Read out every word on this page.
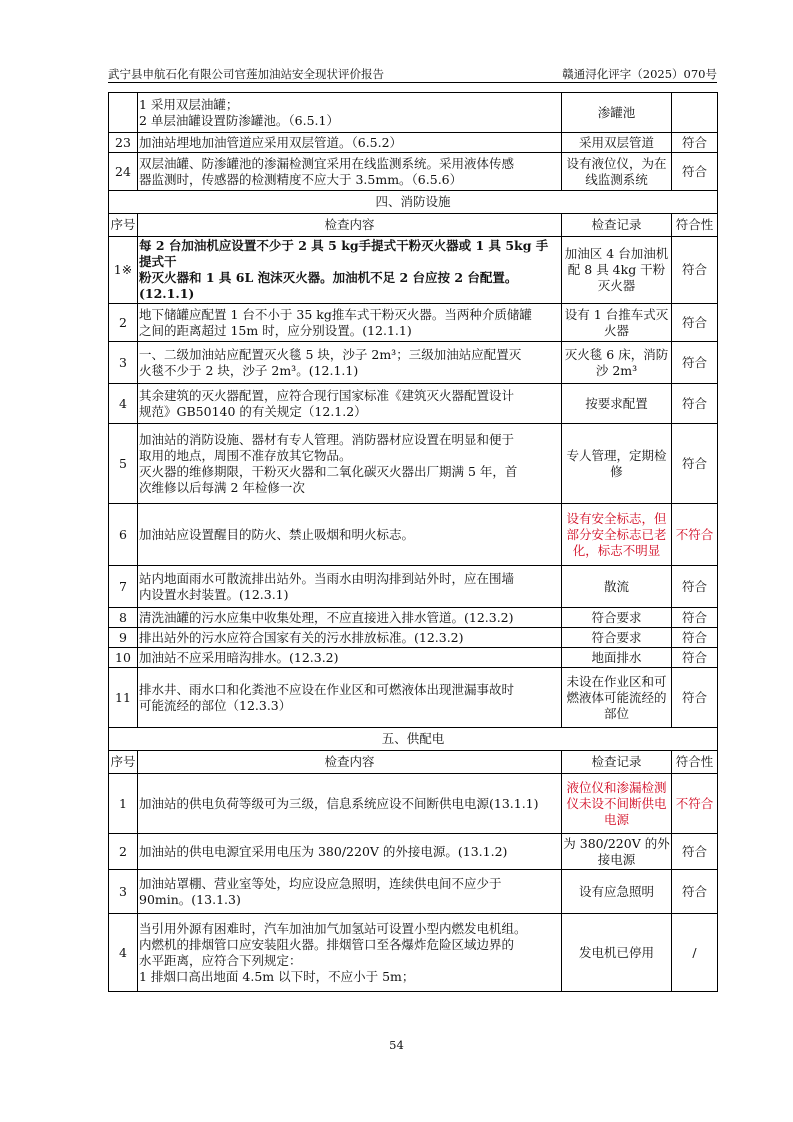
武宁县申航石化有限公司官莲加油站安全现状评价报告	赣通浔化评字（2025）070号

	1 采用双层油罐；
2 单层油罐设置防渗罐池。（6.5.1）	渗罐池	
23	加油站埋地加油管道应采用双层管道。（6.5.2）	采用双层管道	符合
24	双层油罐、防渗罐池的渗漏检测宜采用在线监测系统。采用液体传感
器监测时，传感器的检测精度不应大于 3.5mm。（6.5.6）	设有液位仪，为在线监测系统	符合
四、消防设施			
序号	检查内容	检查记录	符合性
1※	每 2 台加油机应设置不少于 2 具 5 kg手提式干粉灭火器或 1 具 5kg 手提式干
粉灭火器和 1 具 6L 泡沫灭火器。加油机不足 2 台应按 2 台配置。(12.1.1)	加油区 4 台加油机配 8 具 4kg 干粉灭火器	符合
2	地下储罐应配置 1 台不小于 35 kg推车式干粉灭火器。当两种介质储罐
之间的距离超过 15m 时，应分别设置。(12.1.1)	设有 1 台推车式灭火器	符合
3	一、二级加油站应配置灭火毯 5 块，沙子 2m³；三级加油站应配置灭
火毯不少于 2 块，沙子 2m³。(12.1.1)	灭火毯 6 床，消防沙 2m³	符合
4	其余建筑的灭火器配置，应符合现行国家标准《建筑灭火器配置设计
规范》GB50140 的有关规定（12.1.2）	按要求配置	符合
5	加油站的消防设施、器材有专人管理。消防器材应设置在明显和便于
取用的地点，周围不准存放其它物品。
灭火器的维修期限，干粉灭火器和二氧化碳灭火器出厂期满 5 年，首
次维修以后每满 2 年检修一次	专人管理，定期检修	符合
6	加油站应设置醒目的防火、禁止吸烟和明火标志。	设有安全标志，但部分安全标志已老化，标志不明显	不符合
7	站内地面雨水可散流排出站外。当雨水由明沟排到站外时，应在围墙
内设置水封装置。(12.3.1)	散流	符合
8	清洗油罐的污水应集中收集处理，不应直接进入排水管道。(12.3.2)	符合要求	符合
9	排出站外的污水应符合国家有关的污水排放标准。(12.3.2)	符合要求	符合
10	加油站不应采用暗沟排水。(12.3.2)	地面排水	符合
11	排水井、雨水口和化粪池不应设在作业区和可燃液体出现泄漏事故时
可能流经的部位（12.3.3）	未设在作业区和可燃液体可能流经的部位	符合
五、供配电			
序号	检查内容	检查记录	符合性
1	加油站的供电负荷等级可为三级，信息系统应设不间断供电电源(13.1.1)	液位仪和渗漏检测仪未设不间断供电电源	不符合
2	加油站的供电电源宜采用电压为 380/220V 的外接电源。(13.1.2)	为 380/220V 的外接电源	符合
3	加油站罩棚、营业室等处，均应设应急照明，连续供电间不应少于
90min。(13.1.3)	设有应急照明	符合
4	当引用外源有困难时，汽车加油加气加氢站可设置小型内燃发电机组。
内燃机的排烟管口应安装阻火器。排烟管口至各爆炸危险区域边界的
水平距离，应符合下列规定：
1 排烟口高出地面 4.5m 以下时，不应小于 5m；	发电机已停用	/
54
